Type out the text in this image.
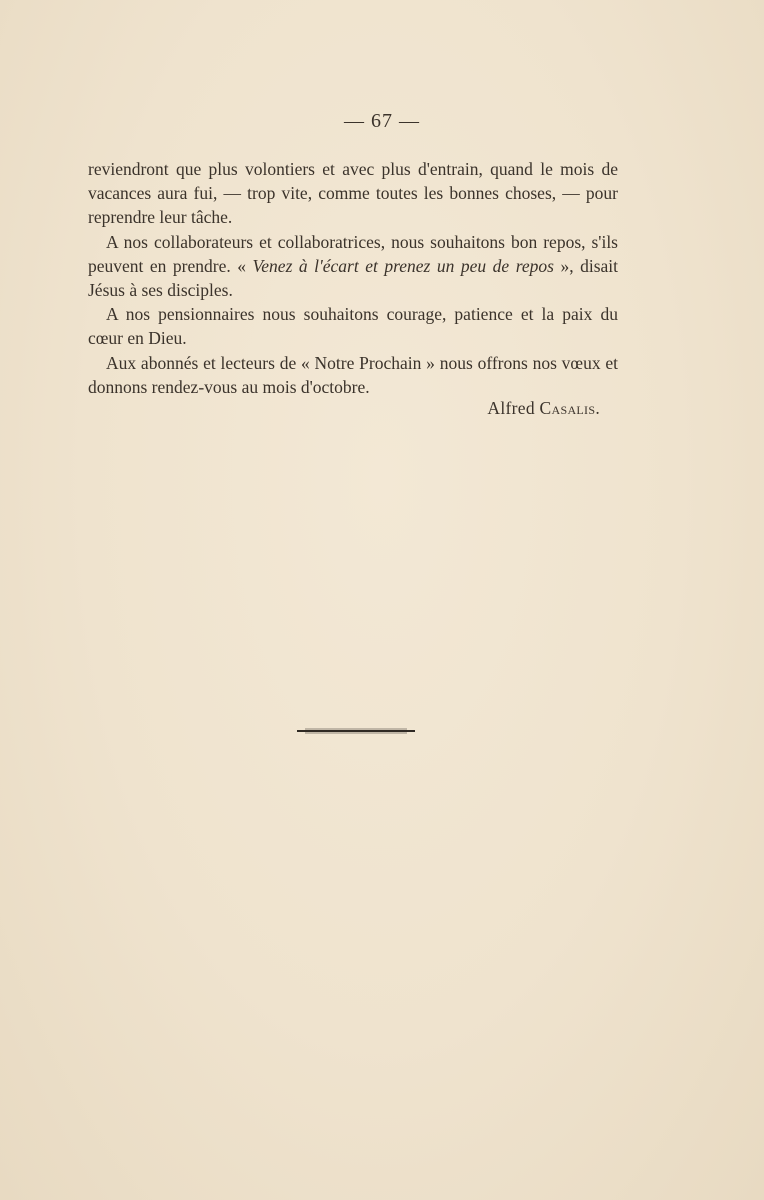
— 67 —

reviendront que plus volontiers et avec plus d'entrain, quand le mois de vacances aura fui, — trop vite, comme toutes les bonnes choses, — pour reprendre leur tâche.

A nos collaborateurs et collaboratrices, nous souhaitons bon repos, s'ils peuvent en prendre. « Venez à l'écart et prenez un peu de repos », disait Jésus à ses disciples.

A nos pensionnaires nous souhaitons courage, patience et la paix du cœur en Dieu.

Aux abonnés et lecteurs de « Notre Prochain » nous offrons nos vœux et donnons rendez-vous au mois d'octobre.

Alfred Casalis.
